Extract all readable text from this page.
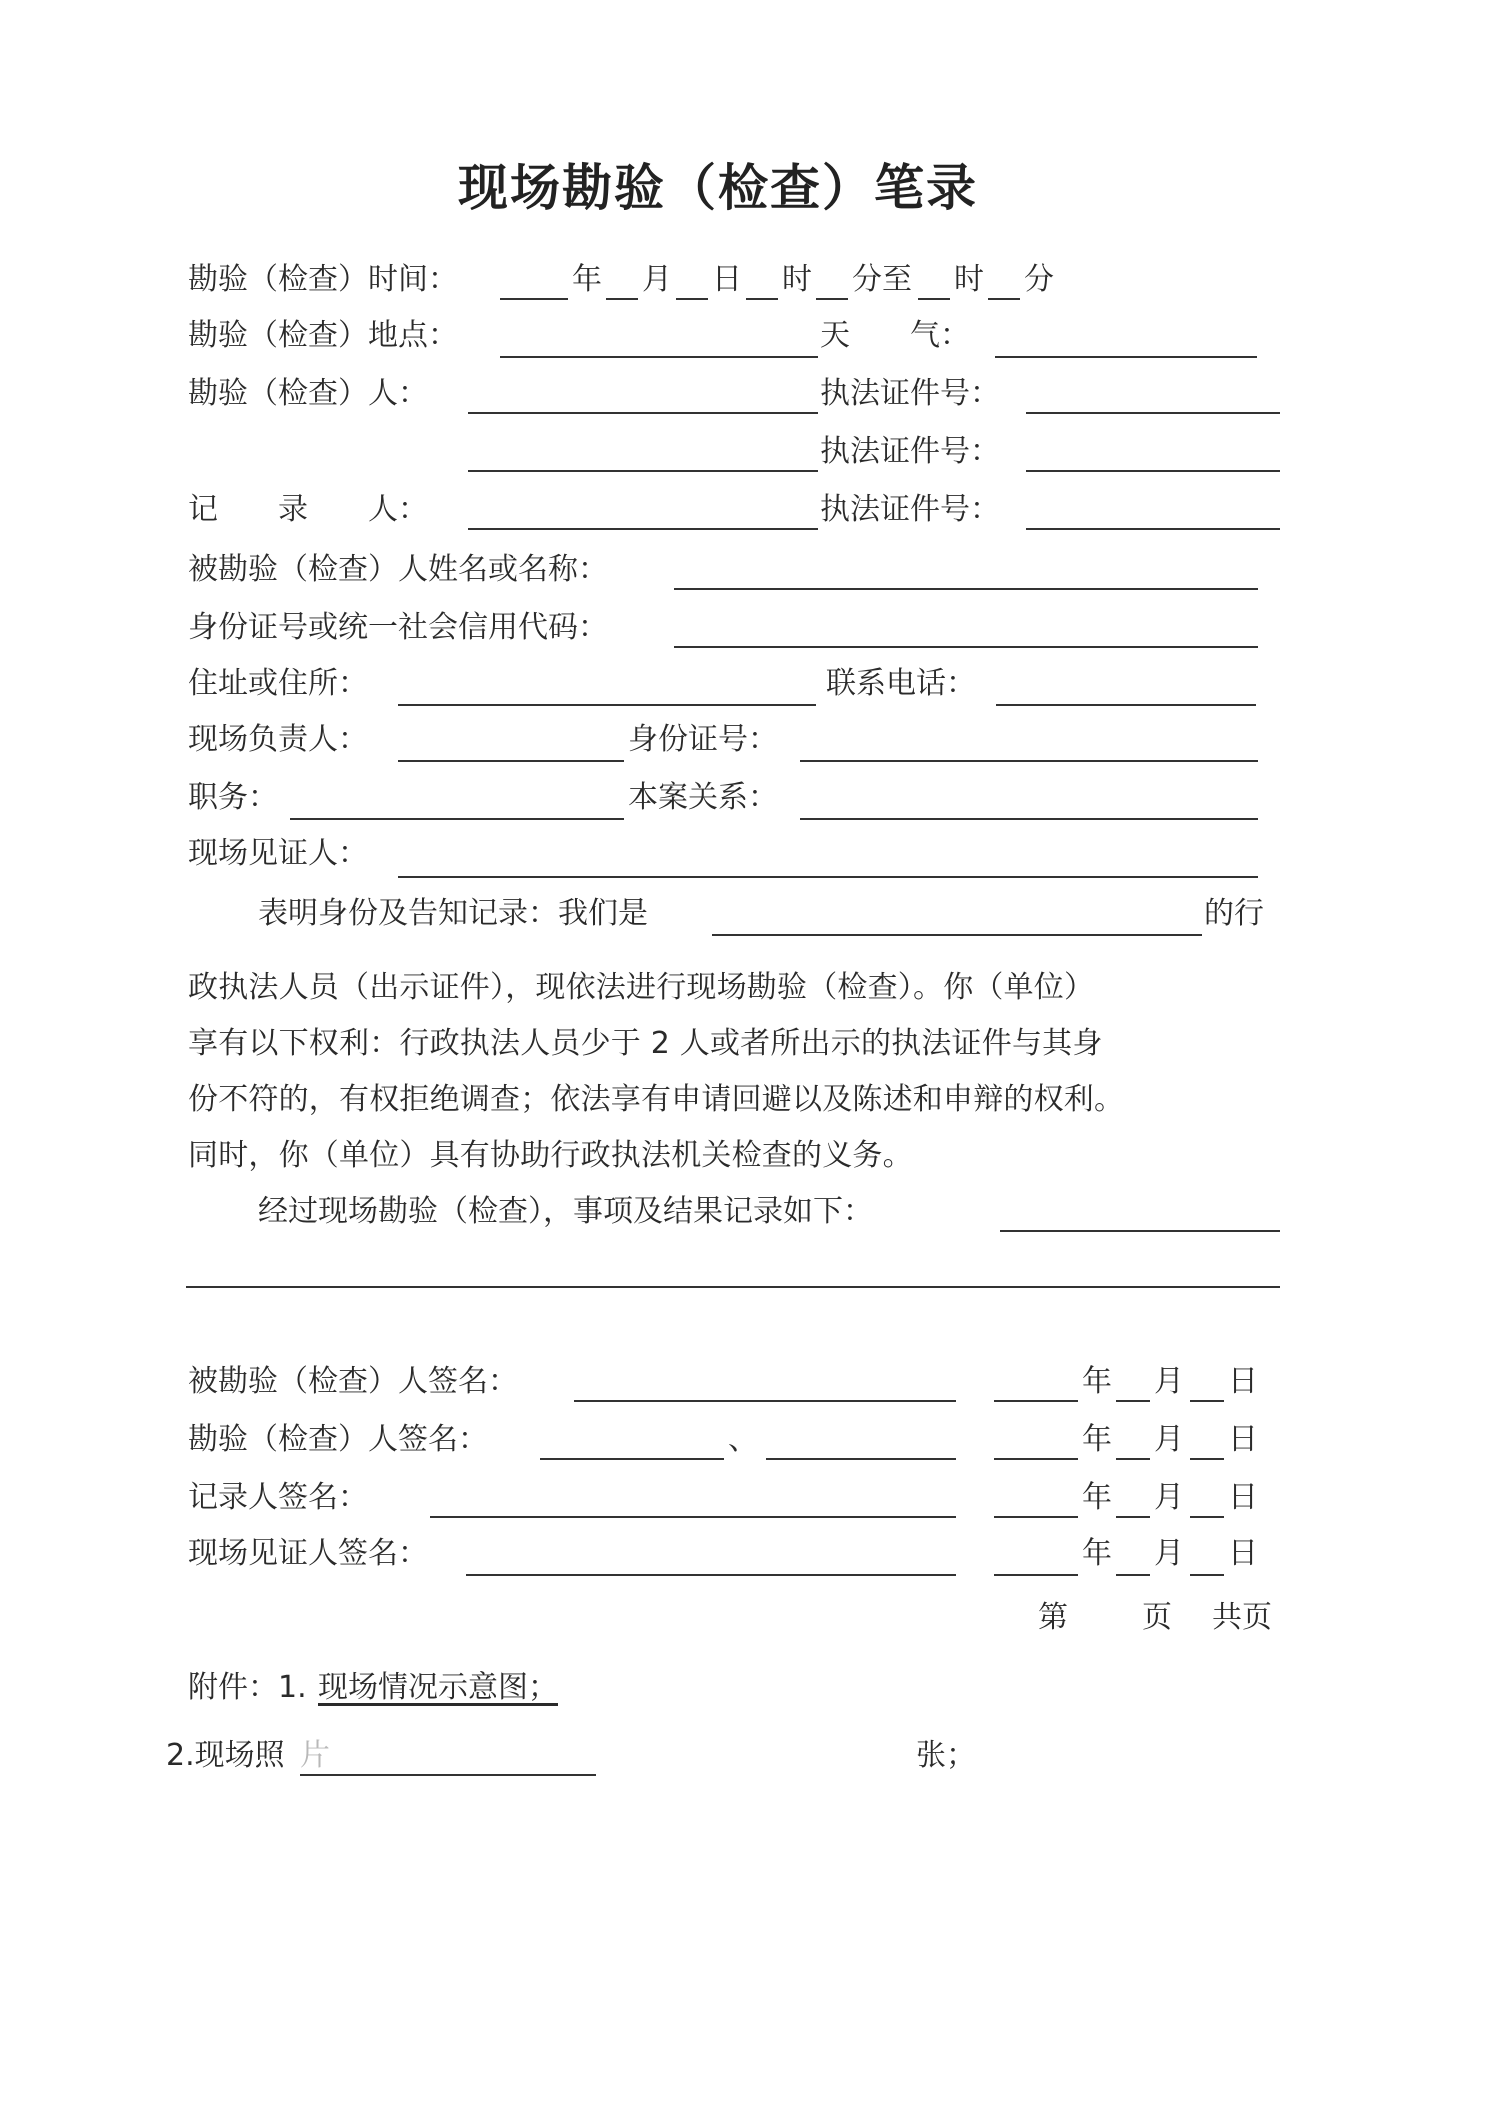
现场勘验（检查）笔录
勘验（检查）时间：	年 月 日 时 分至 时 分
勘验（检查）地点：	天　　气：
勘验（检查）人：	执法证件号：
执法证件号：
记　　录　　人：	执法证件号：
被勘验（检查）人姓名或名称：
身份证号或统一社会信用代码：
住址或住所：	联系电话：
现场负责人：	身份证号：
职务：	本案关系：
现场见证人：
表明身份及告知记录：我们是	的行
政执法人员（出示证件），现依法进行现场勘验（检查）。你（单位）
享有以下权利：行政执法人员少于 2 人或者所出示的执法证件与其身
份不符的，有权拒绝调查；依法享有申请回避以及陈述和申辩的权利。
同时，你（单位）具有协助行政执法机关检查的义务。
经过现场勘验（检查），事项及结果记录如下：
被勘验（检查）人签名：	年 月 日
勘验（检查）人签名：	、	年 月 日
记录人签名：	年 月 日
现场见证人签名：	年 月 日
第 页 共页
附件：1. 现场情况示意图；
2.现场照 片	张；
